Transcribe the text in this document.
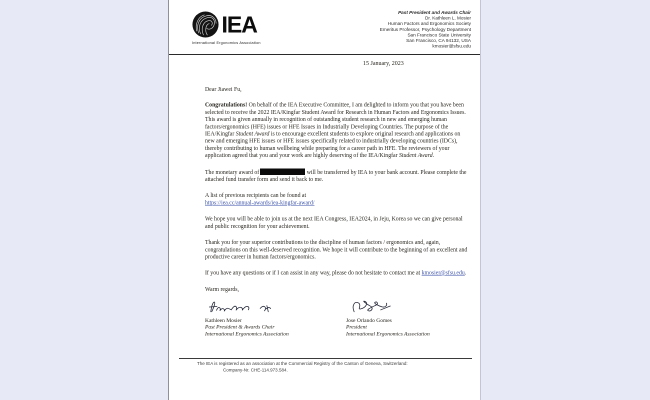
IEA
International Ergonomics Association
Past President and Awards Chair
Dr. Kathleen L. Mosier
Human Factors and Ergonomics Society
Emeritus Professor, Psychology Department
San Francisco State University
San Francisco, CA 94132, USA
kmosier@sfsu.edu
15 January, 2023
Dear Jiawei Fu,
Congratulations! On behalf of the IEA Executive Committee, I am delighted to inform you that you have been selected to receive the 2022 IEA/Kingfar Student Award for Research in Human Factors and Ergonomics Issues. This award is given annually in recognition of outstanding student research in new and emerging human factors/ergonomics (HFE) issues or HFE Issues in Industrially Developing Countries. The purpose of the IEA/Kingfar Student Award is to encourage excellent students to explore original research and applications on new and emerging HFE issues or HFE issues specifically related to industrially developing countries (IDCs), thereby contributing to human wellbeing while preparing for a career path in HFE. The reviewers of your application agreed that you and your work are highly deserving of the IEA/Kingfar Student Award.
The monetary award of	will be transferred by IEA to your bank account. Please complete the attached fund transfer form and send it back to me.
A list of previous recipients can be found at
https://iea.cc/annual-awards/iea-kingfar-award/
We hope you will be able to join us at the next IEA Congress, IEA2024, in Jeju, Korea so we can give personal and public recognition for your achievement.
Thank you for your superior contributions to the discipline of human factors / ergonomics and, again, congratulations on this well-deserved recognition. We hope it will contribute to the beginning of an excellent and productive career in human factors/ergonomics.
If you have any questions or if I can assist in any way, please do not hesitate to contact me at kmosier@sfsu.edu.
Warm regards,
Kathleen Mosier
Past President & Awards Chair
International Ergonomics Association
Jose Orlando Gomes
President
International Ergonomics Association
The IEA is registered as an association at the Commercial Registry of the Canton of Geneva, Switzerland:
Company-Nr. CHE-114.973.584.
